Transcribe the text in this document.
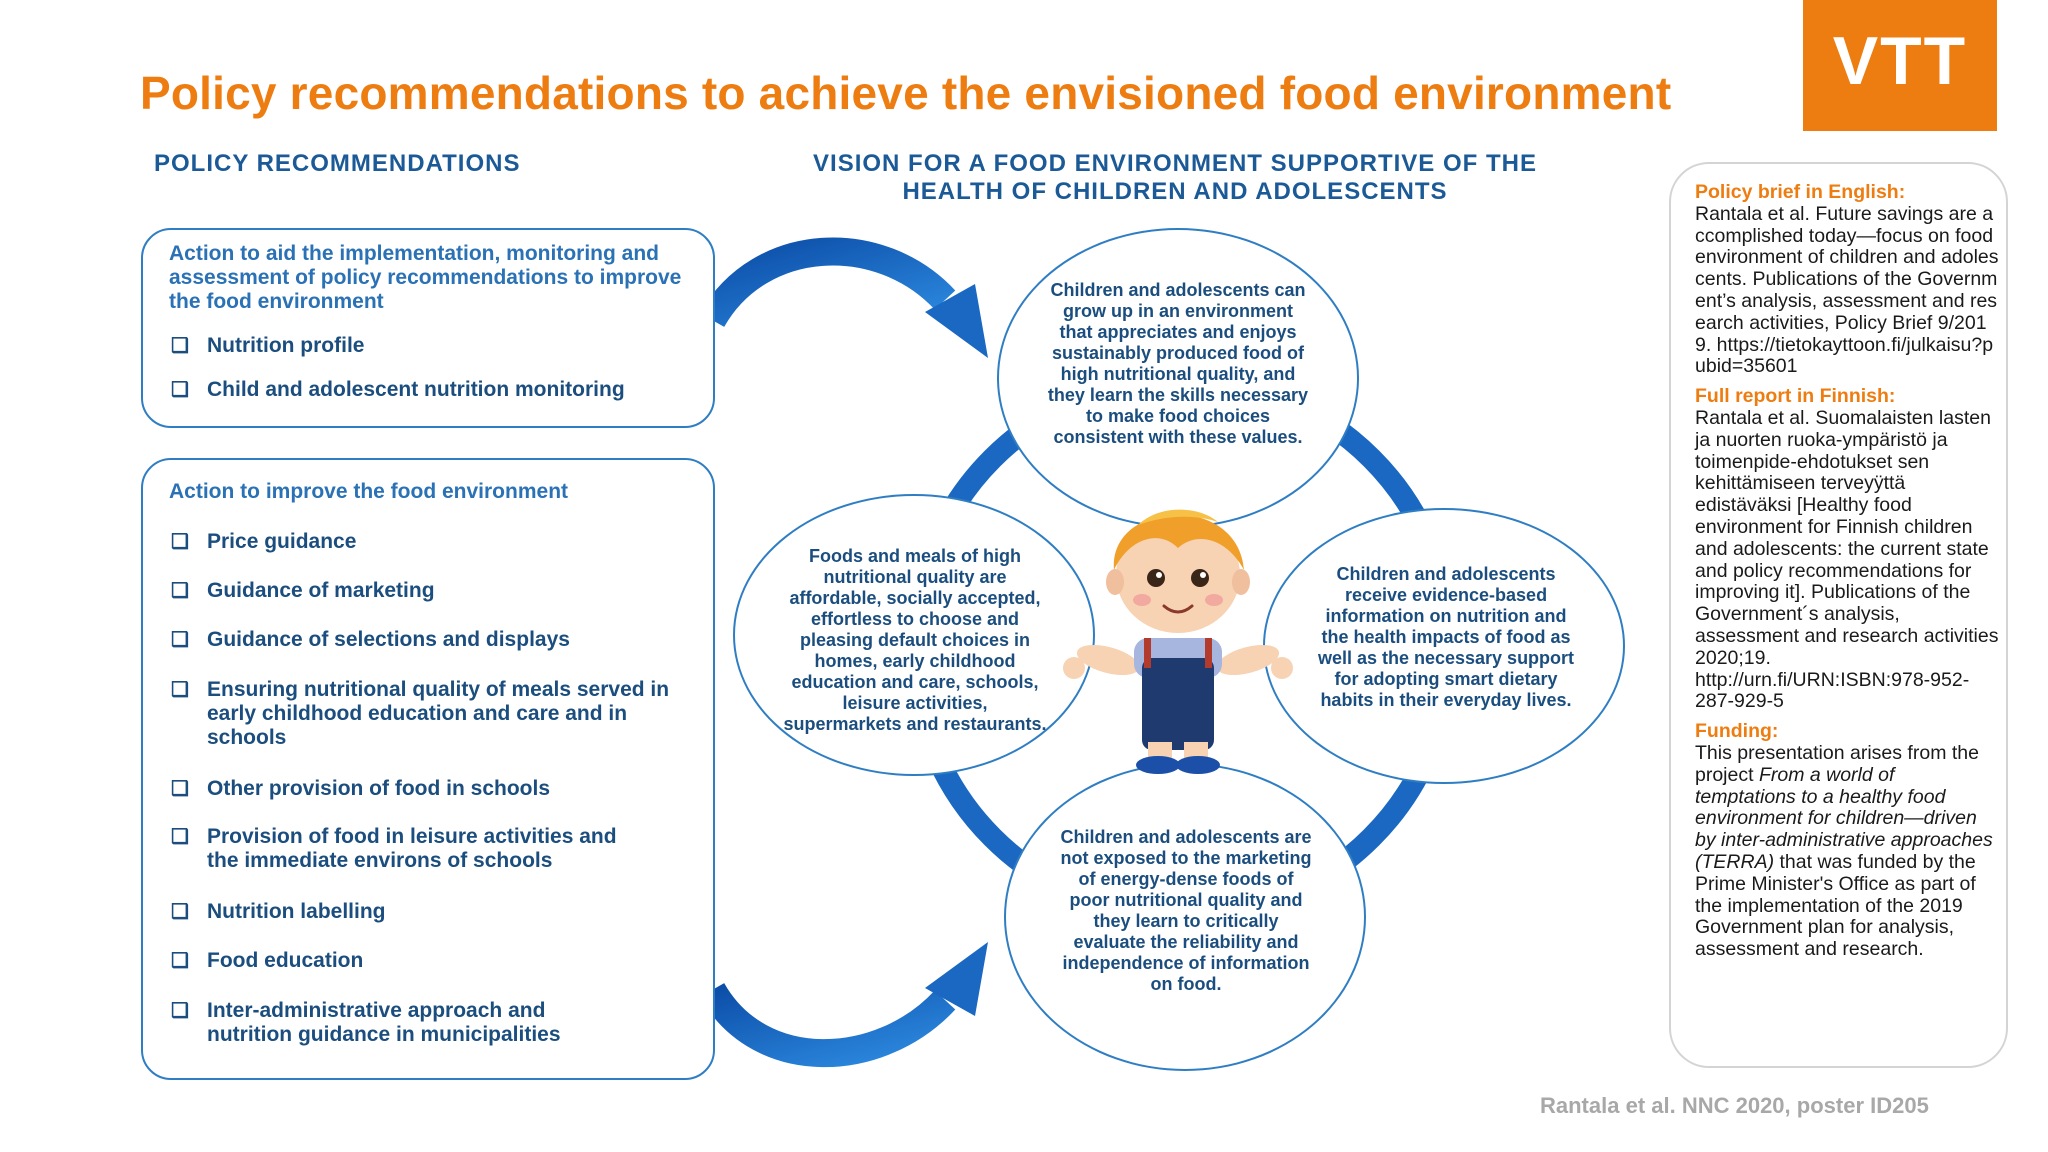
Policy recommendations to achieve the envisioned food environment	VTT
POLICY RECOMMENDATIONS	VISION FOR A FOOD ENVIRONMENT SUPPORTIVE OF THE HEALTH OF CHILDREN AND ADOLESCENTS
Action to aid the implementation, monitoring and assessment of policy recommendations to improve the food environment
❑ Nutrition profile
❑ Child and adolescent nutrition monitoring
Action to improve the food environment
❑ Price guidance
❑ Guidance of marketing
❑ Guidance of selections and displays
❑ Ensuring nutritional quality of meals served in early childhood education and care and in schools
❑ Other provision of food in schools
❑ Provision of food in leisure activities and the immediate environs of schools
❑ Nutrition labelling
❑ Food education
❑ Inter-administrative approach and nutrition guidance in municipalities
Children and adolescents can grow up in an environment that appreciates and enjoys sustainably produced food of high nutritional quality, and they learn the skills necessary to make food choices consistent with these values.
Foods and meals of high nutritional quality are affordable, socially accepted, effortless to choose and pleasing default choices in homes, early childhood education and care, schools, leisure activities, supermarkets and restaurants.
Children and adolescents receive evidence-based information on nutrition and the health impacts of food as well as the necessary support for adopting smart dietary habits in their everyday lives.
Children and adolescents are not exposed to the marketing of energy-dense foods of poor nutritional quality and they learn to critically evaluate the reliability and independence of information on food.
Policy brief in English:
Rantala et al. Future savings are accomplished today—focus on food environment of children and adolescents. Publications of the Government’s analysis, assessment and research activities, Policy Brief 9/2019. https://tietokayttoon.fi/julkaisu?pubid=35601
Full report in Finnish:
Rantala et al. Suomalaisten lasten ja nuorten ruoka-ympäristö ja toimenpide-ehdotukset sen kehittämiseen terveyÿttä edistäväksi [Healthy food environment for Finnish children and adolescents: the current state and policy recommendations for improving it]. Publications of the Government´s analysis, assessment and research activities 2020;19. http://urn.fi/URN:ISBN:978-952-287-929-5
Funding:
This presentation arises from the project From a world of temptations to a healthy food environment for children—driven by inter-administrative approaches (TERRA) that was funded by the Prime Minister's Office as part of the implementation of the 2019 Government plan for analysis, assessment and research.
Rantala et al. NNC 2020, poster ID205
